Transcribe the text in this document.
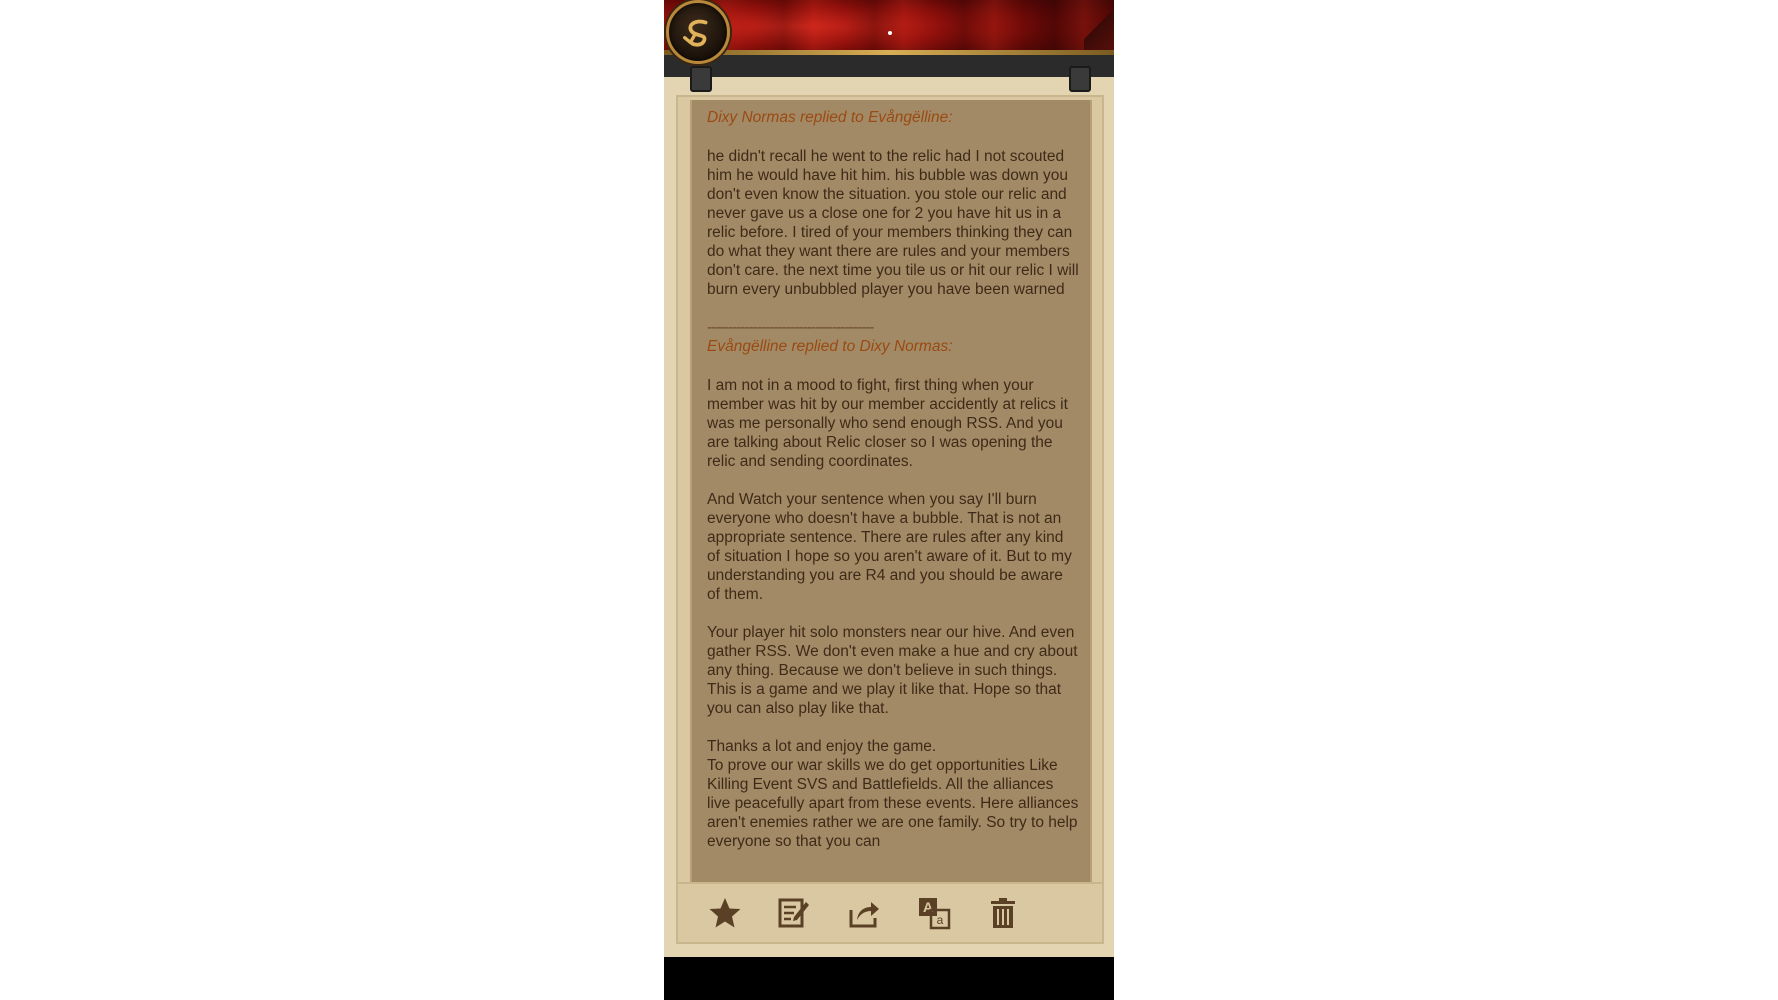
Dixy Normas replied to Evångëlline:

he didn't recall he went to the relic had I not scouted him he would have hit him. his bubble was down you don't even know the situation. you stole our relic and never gave us a close one for 2 you have hit us in a relic before. I tired of your members thinking they can do what they want there are rules and your members don't care. the next time you tile us or hit our relic I will burn every unbubbled player you have been warned

----------------------------------------

Evångëlline replied to Dixy Normas:

I am not in a mood to fight, first thing when your member was hit by our member accidently at relics it was me personally who send enough RSS. And you are talking about Relic closer so I was opening the relic and sending coordinates.

And Watch your sentence when you say I'll burn everyone who doesn't have a bubble. That is not an appropriate sentence. There are rules after any kind of situation I hope so you aren't aware of it. But to my understanding you are R4 and you should be aware of them.

Your player hit solo monsters near our hive. And even gather RSS. We don't even make a hue and cry about any thing. Because we don't believe in such things. This is a game and we play it like that. Hope so that you can also play like that.

Thanks a lot and enjoy the game.
To prove our war skills we do get opportunities Like Killing Event SVS and Battlefields. All the alliances live peacefully apart from these events. Here alliances aren't enemies rather we are one family. So try to help everyone so that you can

A
a
